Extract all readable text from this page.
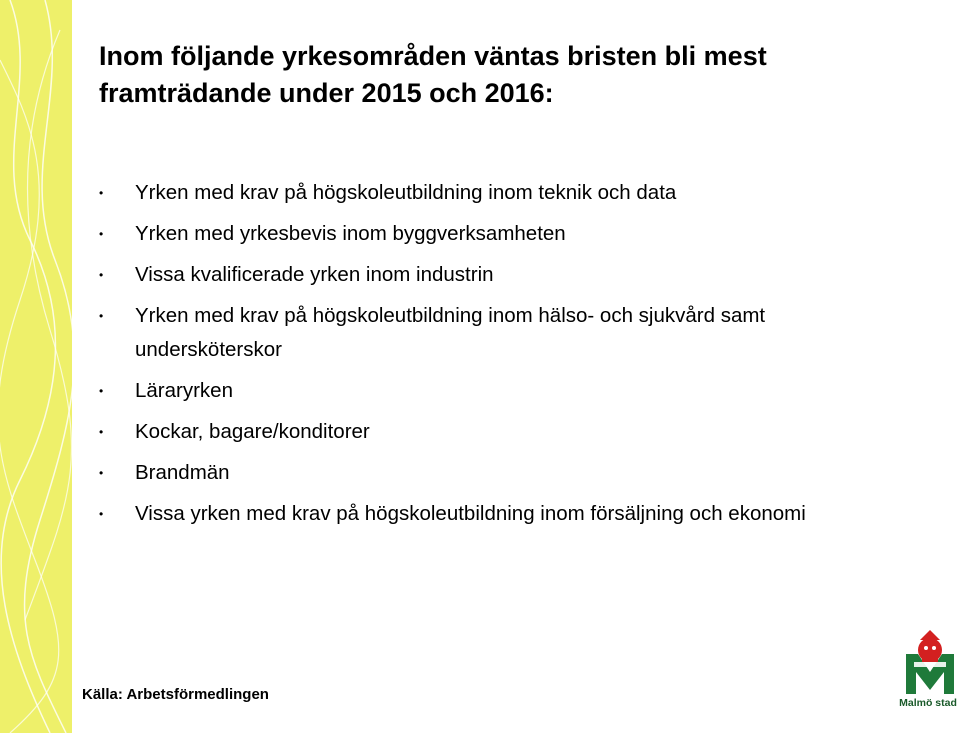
Inom följande yrkesområden väntas bristen bli mest framträdande under 2015 och 2016:
• Yrken med krav på högskoleutbildning inom teknik och data
• Yrken med yrkesbevis inom byggverksamheten
• Vissa kvalificerade yrken inom industrin
• Yrken med krav på högskoleutbildning inom hälso- och sjukvård samt undersköterskor
• Läraryrken
• Kockar, bagare/konditorer
• Brandmän
• Vissa yrken med krav på högskoleutbildning inom försäljning och ekonomi
Källa: Arbetsförmedlingen	Malmö stad
